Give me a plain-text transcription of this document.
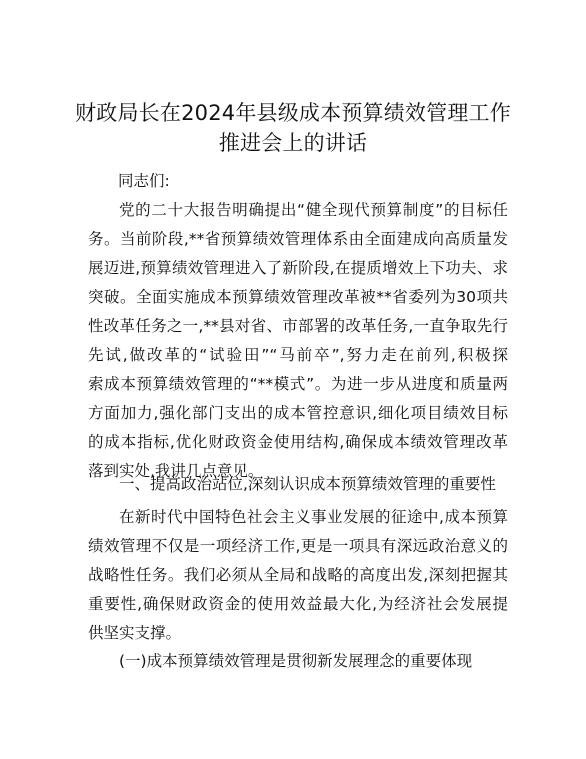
财政局长在2024年县级成本预算绩效管理工作
推进会上的讲话
同志们:
党的二十大报告明确提出“健全现代预算制度”的目标任
务。当前阶段,**省预算绩效管理体系由全面建成向高质量发
展迈进,预算绩效管理进入了新阶段,在提质增效上下功夫、求
突破。全面实施成本预算绩效管理改革被**省委列为30项共
性改革任务之一,**县对省、市部署的改革任务,一直争取先行
先试,做改革的“试验田”“马前卒”,努力走在前列,积极探
索成本预算绩效管理的“**模式”。为进一步从进度和质量两
方面加力,强化部门支出的成本管控意识,细化项目绩效目标
的成本指标,优化财政资金使用结构,确保成本绩效管理改革
落到实处,我讲几点意见。
一、提高政治站位,深刻认识成本预算绩效管理的重要性
在新时代中国特色社会主义事业发展的征途中,成本预算
绩效管理不仅是一项经济工作,更是一项具有深远政治意义的
战略性任务。我们必须从全局和战略的高度出发,深刻把握其
重要性,确保财政资金的使用效益最大化,为经济社会发展提
供坚实支撑。
(一)成本预算绩效管理是贯彻新发展理念的重要体现
